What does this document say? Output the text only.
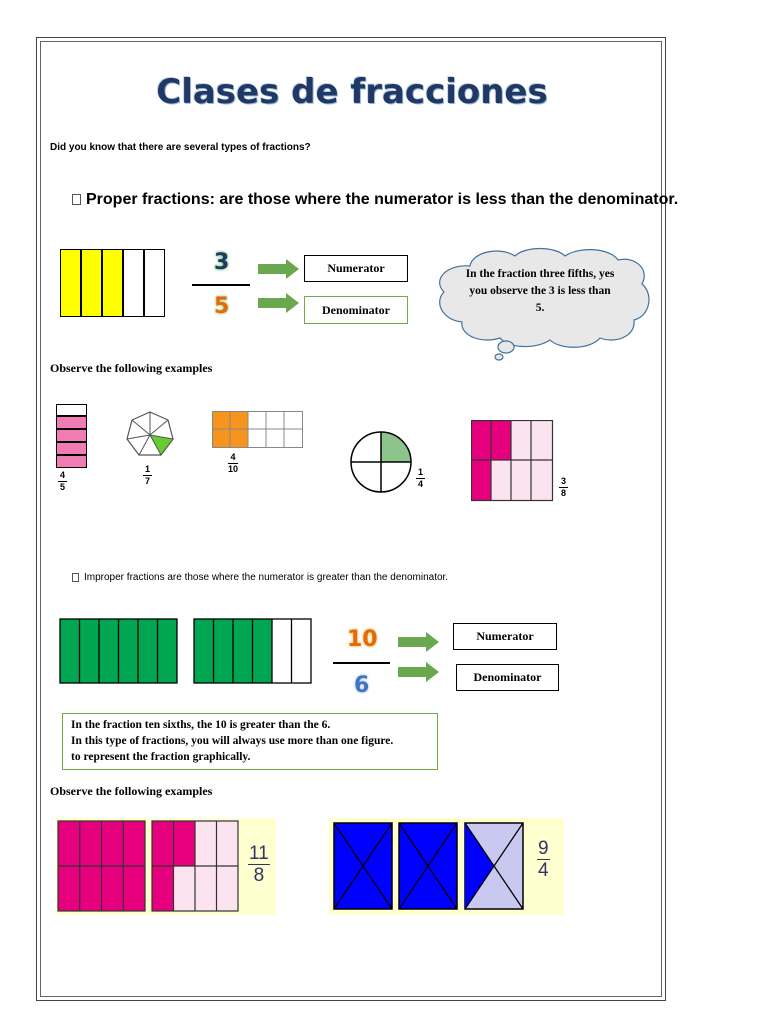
Clases de fracciones
Did you know that there are several types of fractions?
Proper fractions: are those where the numerator is less than the denominator.
3
5
Numerator
Denominator
In the fraction three fifths, yes you observe the 3 is less than 5.
Observe the following examples
$\frac{4}{5}$	$\frac{1}{7}$
$\frac{4}{10}$
$\frac{1}{4}$	$\frac{3}{8}$
Improper fractions are those where the numerator is greater than the denominator.
10
6
Numerator
Denominator
In the fraction ten sixths, the 10 is greater than the 6.
In this type of fractions, you will always use more than one figure.
to represent the fraction graphically.
Observe the following examples
$\frac{11}{8}$	$\frac{9}{4}$
